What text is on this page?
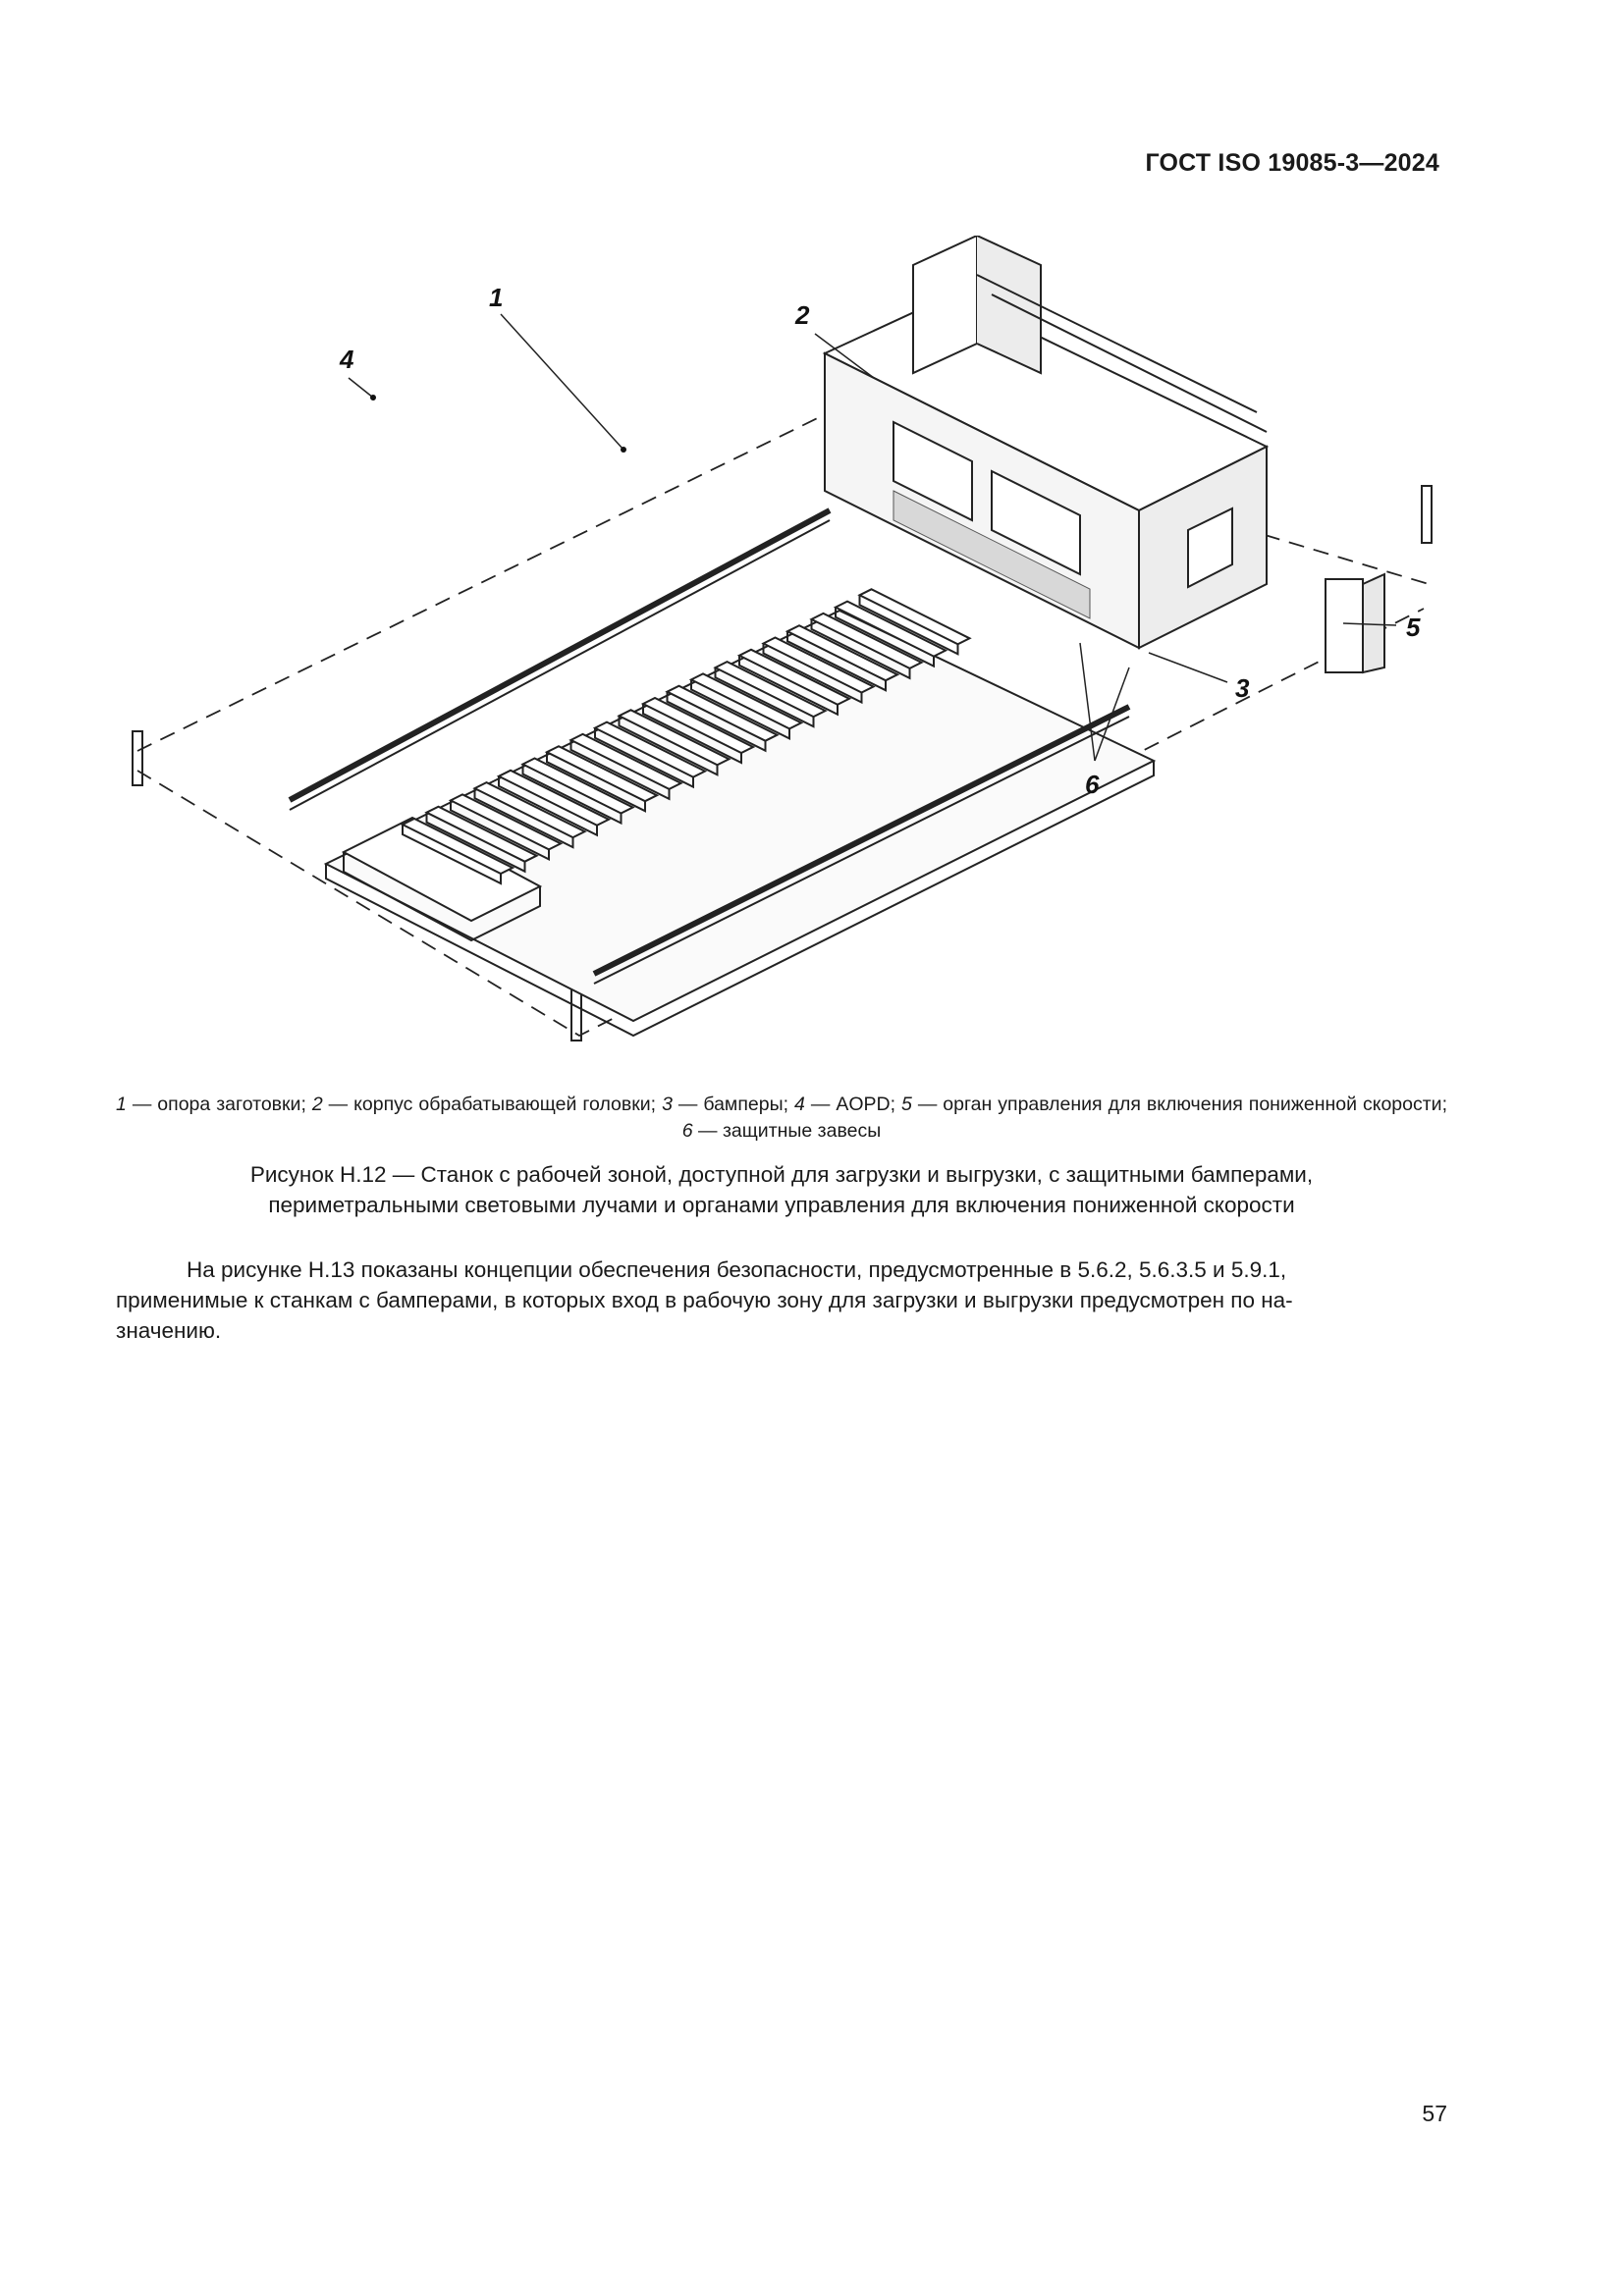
ГОСТ ISO 19085-3—2024
1
2
3
4
5
6
1 — опора заготовки; 2 — корпус обрабатывающей головки; 3 — бамперы; 4 — AOPD; 5 — орган управления для включения пониженной скорости; 6 — защитные завесы
Рисунок H.12 — Станок с рабочей зоной, доступной для загрузки и выгрузки, с защитными бамперами,
периметральными световыми лучами и органами управления для включения пониженной скорости
На рисунке H.13 показаны концепции обеспечения безопасности, предусмотренные в 5.6.2, 5.6.3.5 и 5.9.1,
применимые к станкам с бамперами, в которых вход в рабочую зону для загрузки и выгрузки предусмотрен по на-
значению.
57
